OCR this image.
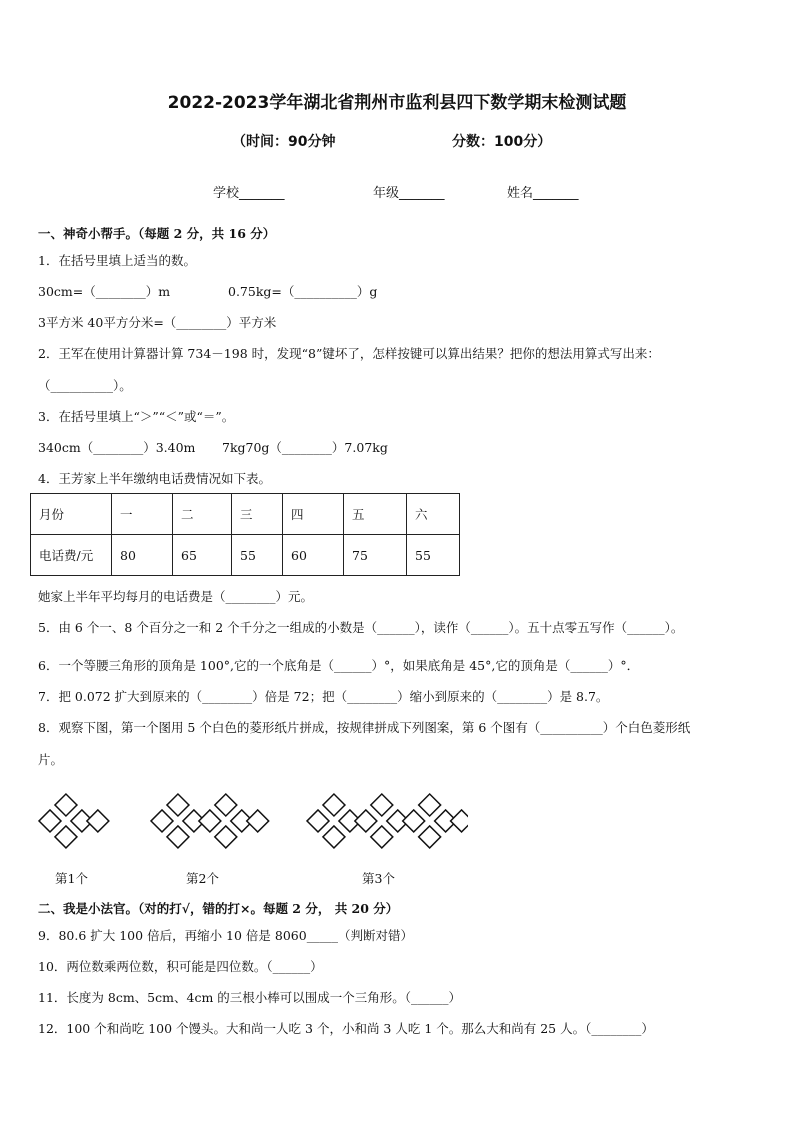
2022-2023学年湖北省荆州市监利县四下数学期末检测试题
（时间：90分钟	分数：100分）
学校_______	年级_______	姓名_______
一、神奇小帮手。（每题 2 分，共 16 分）
1．在括号里填上适当的数。
30cm=（________）m	0.75kg=（__________）g
3平方米 40平方分米=（________）平方米
2．王军在使用计算器计算 734－198 时，发现“8”键坏了，怎样按键可以算出结果？把你的想法用算式写出来：
（__________）。
3．在括号里填上“＞”“＜”或“＝”。
340cm（________）3.40m 7kg70g（________）7.07kg
4．王芳家上半年缴纳电话费情况如下表。
月份	一	二	三	四	五	六
电话费/元	80	65	55	60	75	55
她家上半年平均每月的电话费是（________）元。
5．由 6 个一、8 个百分之一和 2 个千分之一组成的小数是（______），读作（______）。五十点零五写作（______）。
6．一个等腰三角形的顶角是 100°,它的一个底角是（______）°，如果底角是 45°,它的顶角是（______）°．
7．把 0.072 扩大到原来的（________）倍是 72；把（________）缩小到原来的（________）是 8.7。
8．观察下图，第一个图用 5 个白色的菱形纸片拼成，按规律拼成下列图案，第 6 个图有（__________）个白色菱形纸
片。
第1个	第2个	第3个
二、我是小法官。（对的打√，错的打×。每题 2 分， 共 20 分）
9．80.6 扩大 100 倍后，再缩小 10 倍是 8060_____（判断对错）
10．两位数乘两位数，积可能是四位数。（______）
11．长度为 8cm、5cm、4cm 的三根小棒可以围成一个三角形。（______）
12．100 个和尚吃 100 个馒头。大和尚一人吃 3 个，小和尚 3 人吃 1 个。那么大和尚有 25 人。（________）
